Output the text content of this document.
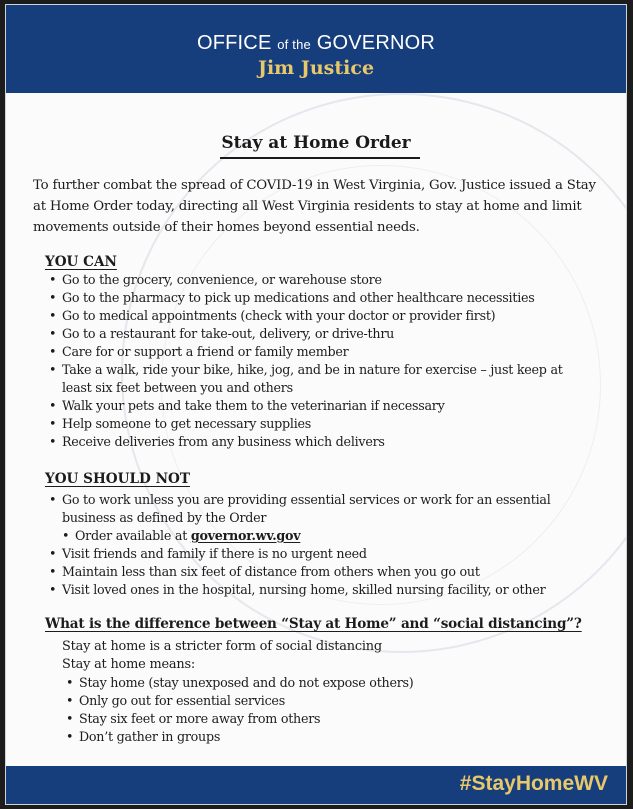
OFFICE of the GOVERNOR
Jim Justice
Stay at Home Order

To further combat the spread of COVID-19 in West Virginia, Gov. Justice issued a Stay at Home Order today, directing all West Virginia residents to stay at home and limit movements outside of their homes beyond essential needs.

YOU CAN
• Go to the grocery, convenience, or warehouse store
• Go to the pharmacy to pick up medications and other healthcare necessities
• Go to medical appointments (check with your doctor or provider first)
• Go to a restaurant for take-out, delivery, or drive-thru
• Care for or support a friend or family member
• Take a walk, ride your bike, hike, jog, and be in nature for exercise – just keep at least six feet between you and others
• Walk your pets and take them to the veterinarian if necessary
• Help someone to get necessary supplies
• Receive deliveries from any business which delivers
YOU SHOULD NOT
• Go to work unless you are providing essential services or work for an essential business as defined by the Order
• Order available at governor.wv.gov
• Visit friends and family if there is no urgent need
• Maintain less than six feet of distance from others when you go out
• Visit loved ones in the hospital, nursing home, skilled nursing facility, or other
What is the difference between “Stay at Home” and “social distancing”?
Stay at home is a stricter form of social distancing
Stay at home means:
• Stay home (stay unexposed and do not expose others)
• Only go out for essential services
• Stay six feet or more away from others
• Don’t gather in groups
#StayHomeWV
